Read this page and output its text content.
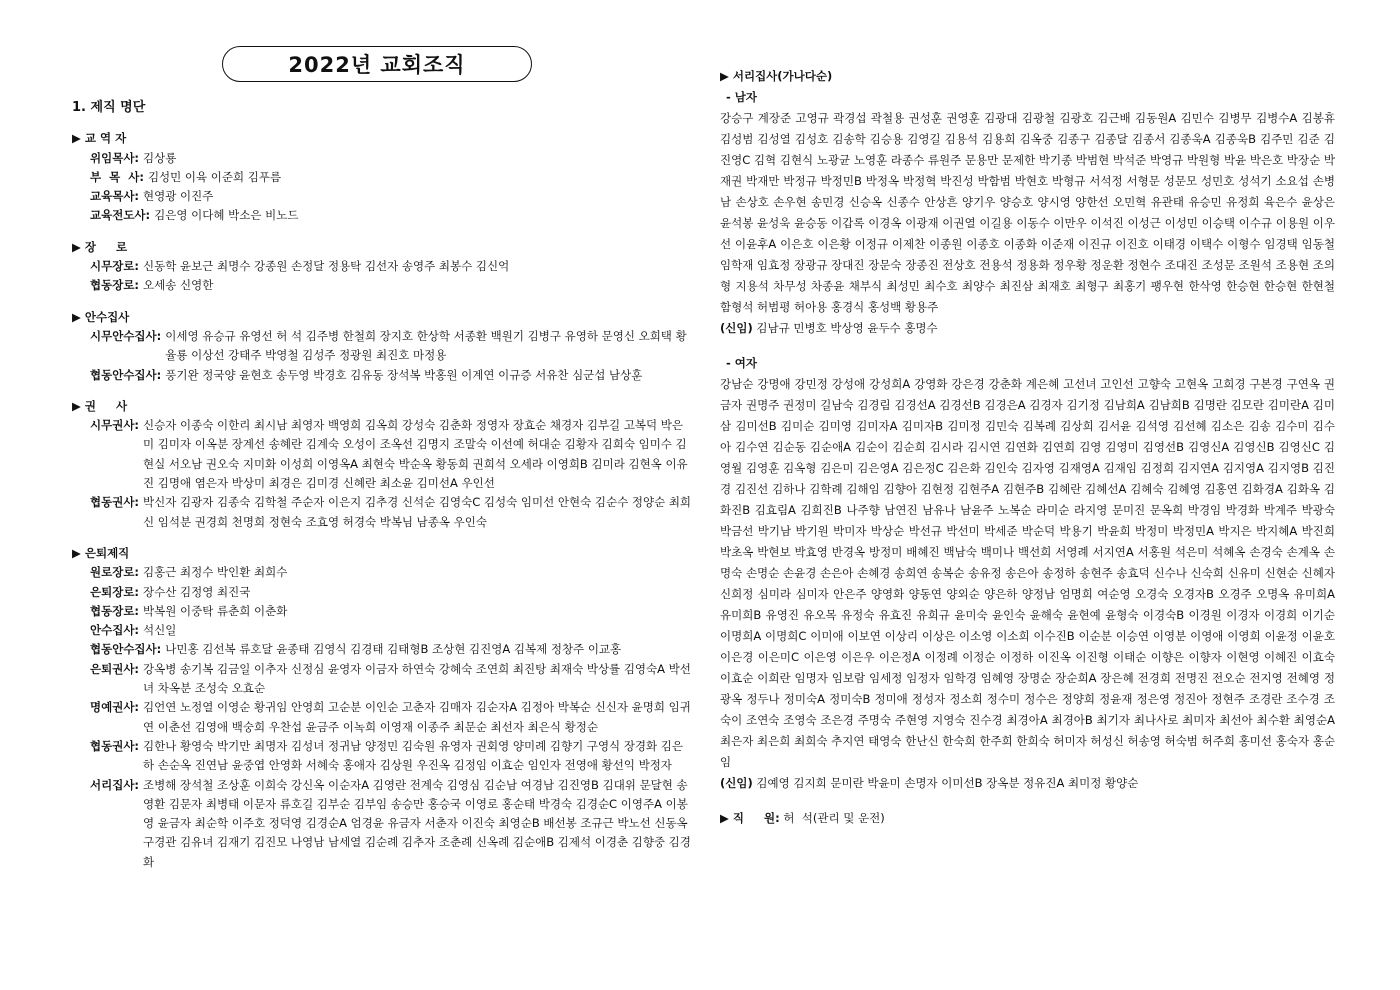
2022년 교회조직
1. 제직 명단
▶ 교 역 자
위임목사: 김상룡
부  목  사: 김성민 이육 이준희 김푸름
교육목사: 현영광 이진주
교육전도사: 김은영 이다혜 박소은 비노드
▶ 장     로
시무장로: 신동학 윤보근 최명수 강종원 손정달 정용탁 김선자 송영주 최봉수 김신억
협동장로: 오세송 신영한
▶ 안수집사
시무안수집사: 이세영 유승규 유영선 허 석 김주병 한철희 장지호 한상학 서종환 백원기 김병구 유영하 문영신 오희택 황율룡 이상선 강태주 박영철 김성주 정광원 최진호 마정용
협동안수집사: 풍기완 정국양 윤현호 송두영 박경호 김유동 장석복 박홍원 이계연 이규증 서유찬 심군섭 남상훈
▶ 권     사
시무권사: 신승자 이종숙 이한리 최시남 최영자 백영희 김옥희 강성숙 김춘화 정영자 장효순 채경자 김부길 고복덕 박은미 김미자 이옥분 장계선 송혜란 김계숙 오성이 조옥선 김명지 조말숙 이선예 허대순 김황자 김희숙 임미수 김현실 서오남 권오숙 지미화 이성희 이영옥A 최현숙 박순옥 황동희 권희석 오세라 이영희B 김미라 김현옥 이유진 김명애 염은자 박상미 최경은 김미경 신혜란 최소윤 김미선A 우인선
협동권사: 박신자 김광자 김종숙 김학철 주순자 이은지 김추경 신석순 김영숙C 김성숙 임미선 안현숙 김순수 정양순 최희신 임석분 권경희 천명희 정현숙 조효영 허경숙 박복님 남종옥 우인숙
▶ 은퇴제직
원로장로: 김홍근 최정수 박인환 최희수
은퇴장로: 장수산 김정영 최진국
협동장로: 박복원 이중탁 류춘희 이춘화
안수집사: 석신일
협동안수집사: 나민홍 김선복 류호달 윤종태 김영식 김경태 김태형B 조상현 김진영A 김복제 정창주 이교홍
은퇴권사: 강옥병 송기복 김금일 이추자 신정심 윤영자 이금자 하연숙 강혜숙 조연희 최진탕 최재숙 박상률 김영숙A 박선녀 차옥분 조성숙 오효순
명예권사: 김언연 노정열 이영순 황귀임 안영희 고순분 이인순 고춘자 김매자 김순자A 김정아 박복순 신신자 윤명희 임귀연 이춘선 김영애 백숭희 우찬섭 윤금주 이녹희 이영재 이종주 최문순 최선자 최은식 황정순
협동권사: 김한나 황영숙 박기만 최명자 김성녀 정귀남 양정민 김숙원 유영자 권회영 양미례 김향기 구영식 장경화 김은하 손순옥 진연남 윤중엽 안영화 서혜숙 홍애자 김상원 우진옥 김정임 이효순 임인자 전영애 황선익 박정자
서리집사: 조병해 장석철 조상훈 이희숙 강신옥 이순자A 김영란 전계숙 김영심 김순남 여경남 김진영B 김대위 문달현 송영환 김문자 최병태 이문자 류호길 김부순 김부임 송승만 홍승국 이영로 홍순태 박경숙 김경순C 이영주A 이봉영 윤금자 최순학 이주호 정덕영 김경순A 엄경윤 유금자 서춘자 이진숙 최영순B 배선봉 조규근 박노선 신동옥 구경관 김유녀 김재기 김진모 나영남 남세열 김순례 김추자 조춘례 신옥례 김순애B 김제석 이경춘 김향중 김경화
▶ 서리집사(가나다순)
- 남자
강승구 계장준 고영규 곽경섭 곽철용 권성훈 권영훈 김광대 김광철 김광호 김근배 김동원A 김민수 김병무 김병수A 김봉휴 김성범 김성열 김성호 김송학 김승용 김영길 김용석 김용희 김옥중 김종구 김종달 김종서 김종욱A 김종욱B 김주민 김준 김진영C 김혁 김현식 노광균 노영훈 라종수 류원주 문용만 문제한 박기종 박범현 박석준 박영규 박원형 박윤 박은호 박장순 박재권 박재만 박정규 박정민B 박정옥 박정혁 박진성 박함범 박현호 박형규 서석정 서형문 성문모 성민호 성석기 소요섭 손병남 손상호 손우현 송민경 신승옥 신종수 안상흔 양기우 양승호 양시영 양한선 오민혁 유관태 유승민 유정희 육은수 윤상은 윤석봉 윤성욱 윤승동 이갑록 이경옥 이광재 이권열 이길용 이동수 이만우 이석진 이성근 이성민 이승택 이수규 이용원 이우선 이윤후A 이은호 이은황 이정규 이제찬 이종원 이종호 이종화 이준재 이진규 이진호 이태경 이택수 이형수 임경택 임동철 임학재 임효정 장광규 장대진 장문숙 장종진 전상호 전용석 정용화 정우황 정운환 정현수 조대진 조성문 조원석 조용현 조의형 지용석 차무성 차종윤 채부식 최성민 최수호 최양수 최진삼 최재호 최형구 최홍기 팽우현 한삭영 한승현 한승현 한현철 함형석 허범평 허아용 홍경식 홍성백 황용주
(신임) 김남규 민병호 박상영 윤두수 홍명수
- 여자
강남순 강명애 강민정 강성애 강성희A 강영화 강은경 강춘화 계은혜 고선녀 고인선 고향숙 고현옥 고희경 구본경 구연옥 권금자 권명주 권정미 길남숙 김경림 김경선A 김경선B 김경은A 김경자 김기정 김남희A 김남희B 김명란 김모란 김미란A 김미삼 김미선B 김미순 김미영 김미자A 김미자B 김미정 김민숙 김복례 김상희 김서윤 김석영 김선혜 김소은 김송 김수미 김수아 김수연 김순동 김순애A 김순이 김순희 김시라 김시연 김연화 김연희 김영 김영미 김영선B 김영신A 김영신B 김영신C 김영월 김영훈 김옥형 김은미 김은영A 김은정C 김은화 김인숙 김자영 김재영A 김재임 김정희 김지연A 김지영A 김지영B 김진경 김진선 김하나 김학례 김해임 김향아 김현정 김현주A 김현주B 김혜란 김혜선A 김혜숙 김혜영 김홍연 김화경A 김화옥 김화진B 김효림A 김희진B 나주향 남연진 남유나 남윤주 노복순 라미순 라지영 문미진 문옥희 박경임 박경화 박계주 박광숙 박금선 박기남 박기원 박미자 박상순 박선규 박선미 박세준 박순덕 박용기 박윤희 박정미 박정민A 박지은 박지혜A 박진희 박초옥 박현보 박효영 반경옥 방정미 배혜진 백남숙 백미나 백선희 서영례 서지연A 서홍원 석은미 석혜옥 손경숙 손계옥 손명숙 손명순 손윤경 손은아 손혜경 송희연 송복순 송유정 송은아 송정하 송현주 송효덕 신수나 신숙희 신유미 신현순 신혜자 신희정 심미라 심미자 안은주 양영화 양동연 양외순 양은하 양정남 엄명희 여순영 오경숙 오경자B 오경주 오명옥 유미희A 유미희B 유영진 유오목 유정숙 유효진 유희규 윤미숙 윤인숙 윤해숙 윤현예 윤형숙 이경숙B 이경원 이경자 이경희 이기순 이명희A 이명희C 이미애 이보연 이상리 이상은 이소영 이소희 이수진B 이순분 이승연 이영분 이영애 이영희 이윤정 이윤호 이은경 이은미C 이은영 이은우 이은정A 이정례 이정순 이정하 이진옥 이진형 이태순 이향은 이향자 이현영 이혜진 이효숙 이효순 이희란 임명자 임보람 임세정 임정자 임학경 임혜영 장명순 장순희A 장은혜 전경희 전명진 전오순 전지영 전혜영 정광옥 정두나 정미숙A 정미숙B 정미애 정성자 정소희 정수미 정수은 정양희 정윤재 정은영 정진아 정현주 조경란 조수경 조숙이 조연숙 조영숙 조은경 주명숙 주현영 지영숙 진수경 최경아A 최경아B 최기자 최나사로 최미자 최선아 최수환 최영순A 최은자 최은희 최희숙 추지연 태영숙 한난신 한숙희 한주희 한희숙 허미자 허성신 허송영 허숙범 허주희 홍미선 홍숙자 홍순임
(신임) 김예영 김지희 문미란 박윤미 손명자 이미선B 장옥분 정유진A 최미정 황양순
▶ 직     원: 허  석(관리 및 운전)
